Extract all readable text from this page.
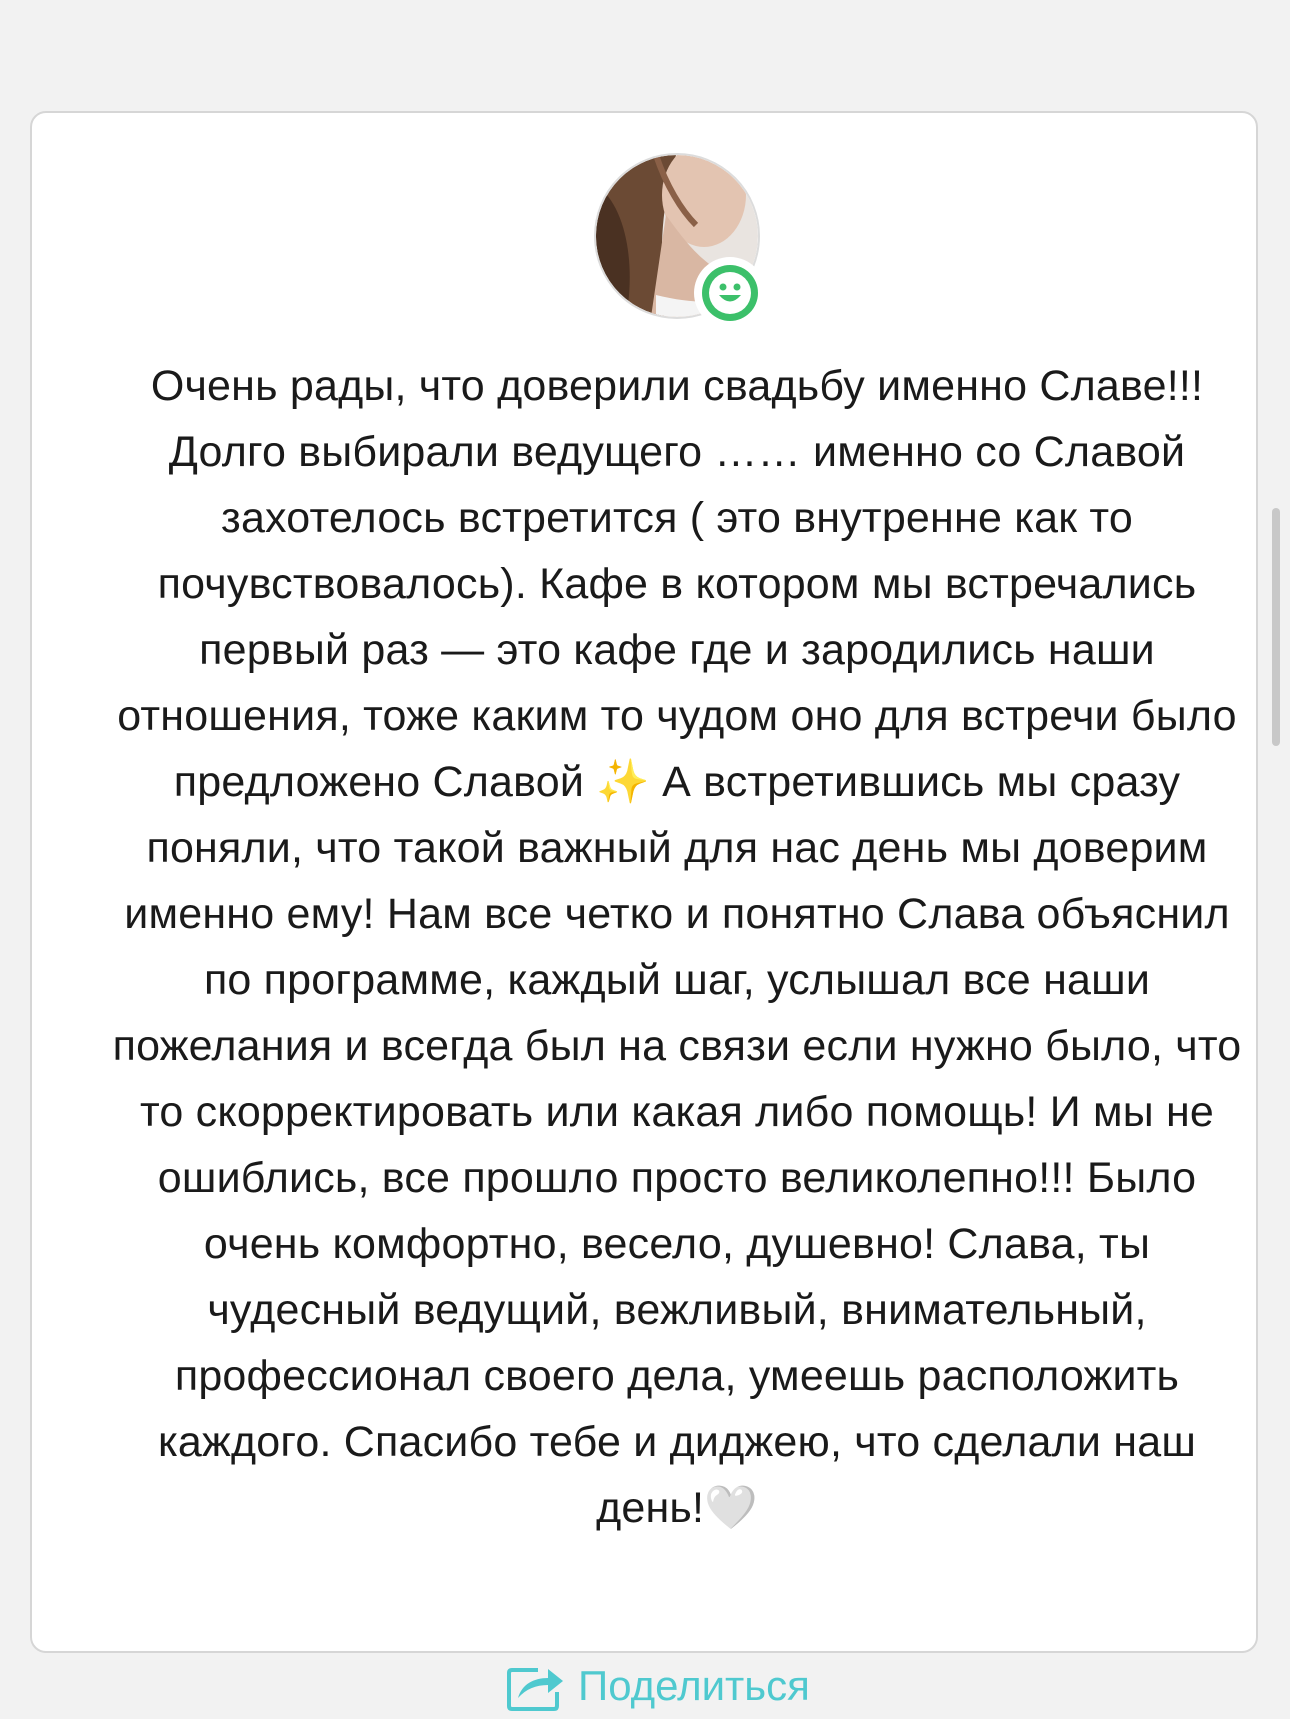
Очень рады, что доверили свадьбу именно Славе!!! Долго выбирали ведущего …… именно со Славой захотелось встретится ( это внутренне как то почувствовалось). Кафе в котором мы встречались первый раз — это кафе где и зародились наши отношения, тоже каким то чудом оно для встречи было предложено Славой ✨ А встретившись мы сразу поняли, что такой важный для нас день мы доверим именно ему! Нам все четко и понятно Слава объяснил по программе, каждый шаг, услышал все наши пожелания и всегда был на связи если нужно было, что то скорректировать или какая либо помощь! И мы не ошиблись, все прошло просто великолепно!!! Было очень комфортно, весело, душевно! Слава, ты чудесный ведущий, вежливый, внимательный, профессионал своего дела, умеешь расположить каждого. Спасибо тебе и диджею, что сделали наш день!🤍

Поделиться
